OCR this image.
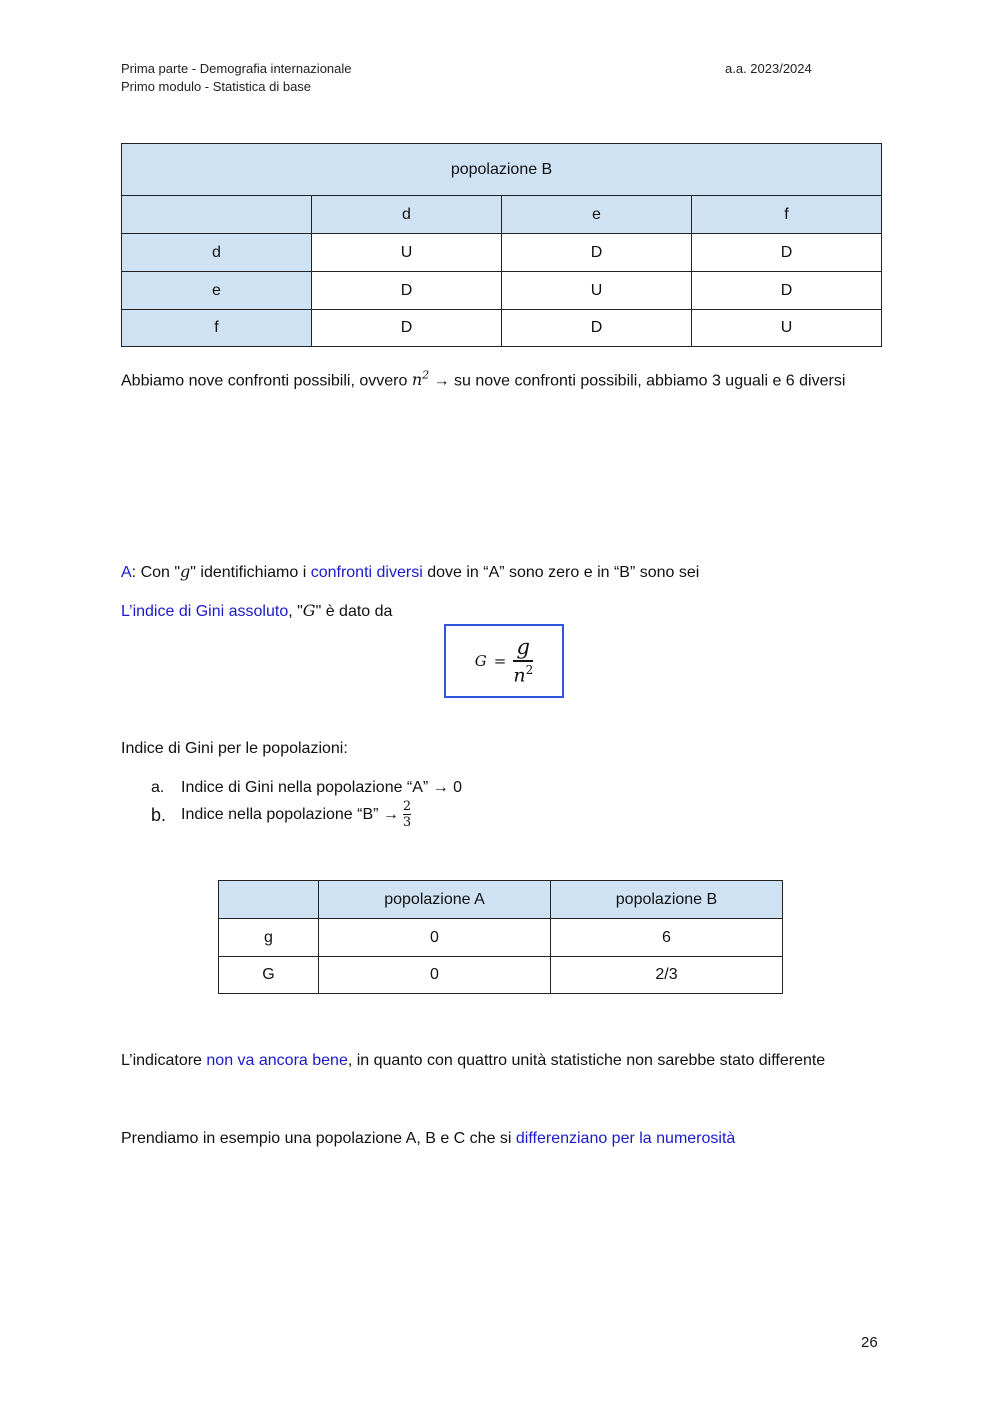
Prima parte - Demografia internazionale
Primo modulo - Statistica di base
a.a. 2023/2024
popolazione B			
	d	e	f
d	U	D	D
e	D	U	D
f	D	D	U
Abbiamo nove confronti possibili, ovvero $n^2$ → su nove confronti possibili, abbiamo 3 uguali e 6 diversi
A: Con "g" identifichiamo i confronti diversi dove in “A” sono zero e in “B” sono sei
L’indice di Gini assoluto, "G" è dato da
$G = \frac{g}{n^2}$
Indice di Gini per le popolazioni:
a. Indice di Gini nella popolazione “A” → 0
b. Indice nella popolazione “B” → $\frac{2}{3}$
	popolazione A	popolazione B
g	0	6
G	0	2/3
L’indicatore non va ancora bene, in quanto con quattro unità statistiche non sarebbe stato differente
Prendiamo in esempio una popolazione A, B e C che si differenziano per la numerosità
26
